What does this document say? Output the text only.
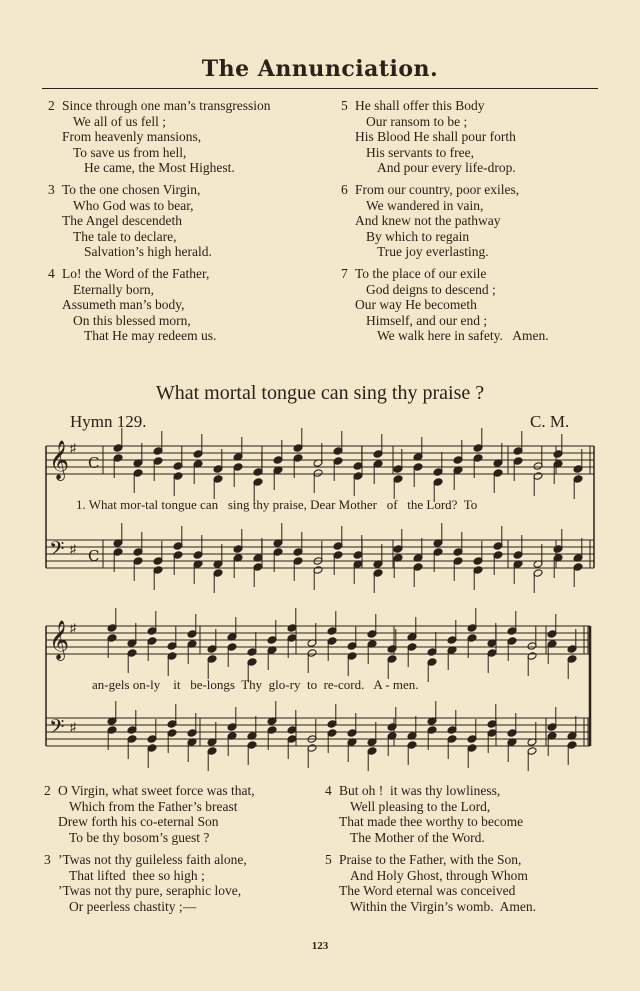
The Annunciation.
2 Since through one man’s transgression
We all of us fell ;
From heavenly mansions,
To save us from hell,
He came, the Most Highest.
3 To the one chosen Virgin,
Who God was to bear,
The Angel descendeth
The tale to declare,
Salvation’s high herald.
4 Lo! the Word of the Father,
Eternally born,
Assumeth man’s body,
On this blessed morn,
That He may redeem us.
5 He shall offer this Body
Our ransom to be ;
His Blood He shall pour forth
His servants to free,
And pour every life-drop.
6 From our country, poor exiles,
We wandered in vain,
And knew not the pathway
By which to regain
True joy everlasting.
7 To the place of our exile
God deigns to descend ;
Our way He becometh
Himself, and our end ;
We walk here in safety.   Amen.
What mortal tongue can sing thy praise ?
Hymn 129.	C. M.
𝄞
𝄢
♯
♯
C
C
𝄞
𝄢
♯
♯
1. What mor-tal tongue can   sing thy praise, Dear Mother   of   the Lord?  To
an-gels on-ly    it   be-longs  Thy  glo-ry  to  re-cord.   A - men.
2 O Virgin, what sweet force was that,
Which from the Father’s breast
Drew forth his co-eternal Son
To be thy bosom’s guest ?
3 ’Twas not thy guileless faith alone,
That lifted  thee so high ;
’Twas not thy pure, seraphic love,
Or peerless chastity ;—
4 But oh !  it was thy lowliness,
Well pleasing to the Lord,
That made thee worthy to become
The Mother of the Word.
5 Praise to the Father, with the Son,
And Holy Ghost, through Whom
The Word eternal was conceived
Within the Virgin’s womb.  Amen.
123
